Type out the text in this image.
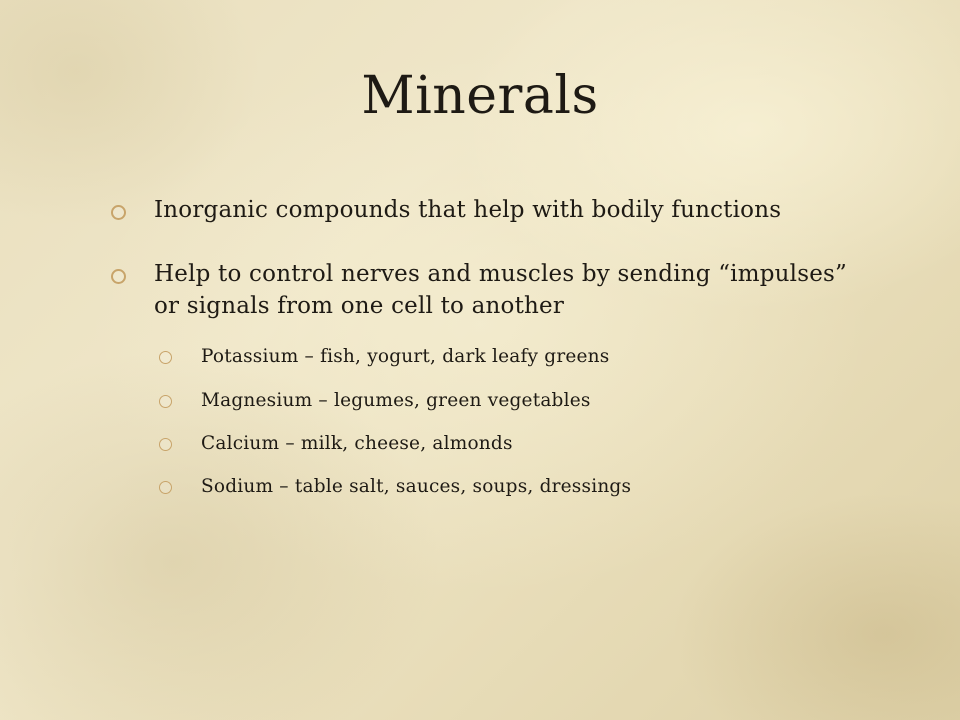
Minerals
Inorganic compounds that help with bodily functions
Help to control nerves and muscles by sending “impulses” or signals from one cell to another
Potassium – fish, yogurt, dark leafy greens
Magnesium – legumes, green vegetables
Calcium – milk, cheese, almonds
Sodium – table salt, sauces, soups, dressings
